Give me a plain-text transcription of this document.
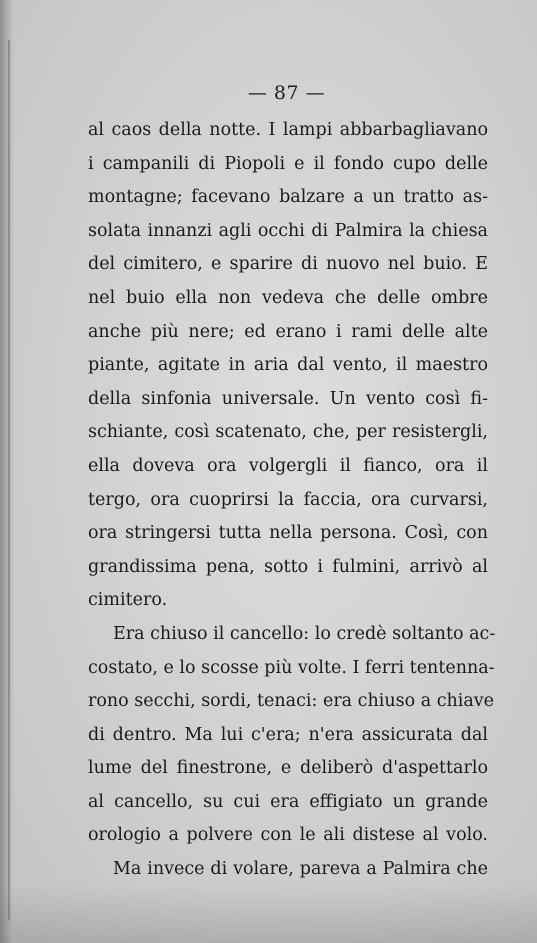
— 87 —
al caos della notte. I lampi abbarbagliavano
i campanili di Piopoli e il fondo cupo delle
montagne; facevano balzare a un tratto as-
solata innanzi agli occhi di Palmira la chiesa
del cimitero, e sparire di nuovo nel buio. E
nel buio ella non vedeva che delle ombre
anche più nere; ed erano i rami delle alte
piante, agitate in aria dal vento, il maestro
della sinfonia universale. Un vento così fi-
schiante, così scatenato, che, per resistergli,
ella doveva ora volgergli il fianco, ora il
tergo, ora cuoprirsi la faccia, ora curvarsi,
ora stringersi tutta nella persona. Così, con
grandissima pena, sotto i fulmini, arrivò al
cimitero.
Era chiuso il cancello: lo credè soltanto ac-
costato, e lo scosse più volte. I ferri tentenna-
rono secchi, sordi, tenaci: era chiuso a chiave
di dentro. Ma lui c'era; n'era assicurata dal
lume del finestrone, e deliberò d'aspettarlo
al cancello, su cui era effigiato un grande
orologio a polvere con le ali distese al volo.
Ma invece di volare, pareva a Palmira che
